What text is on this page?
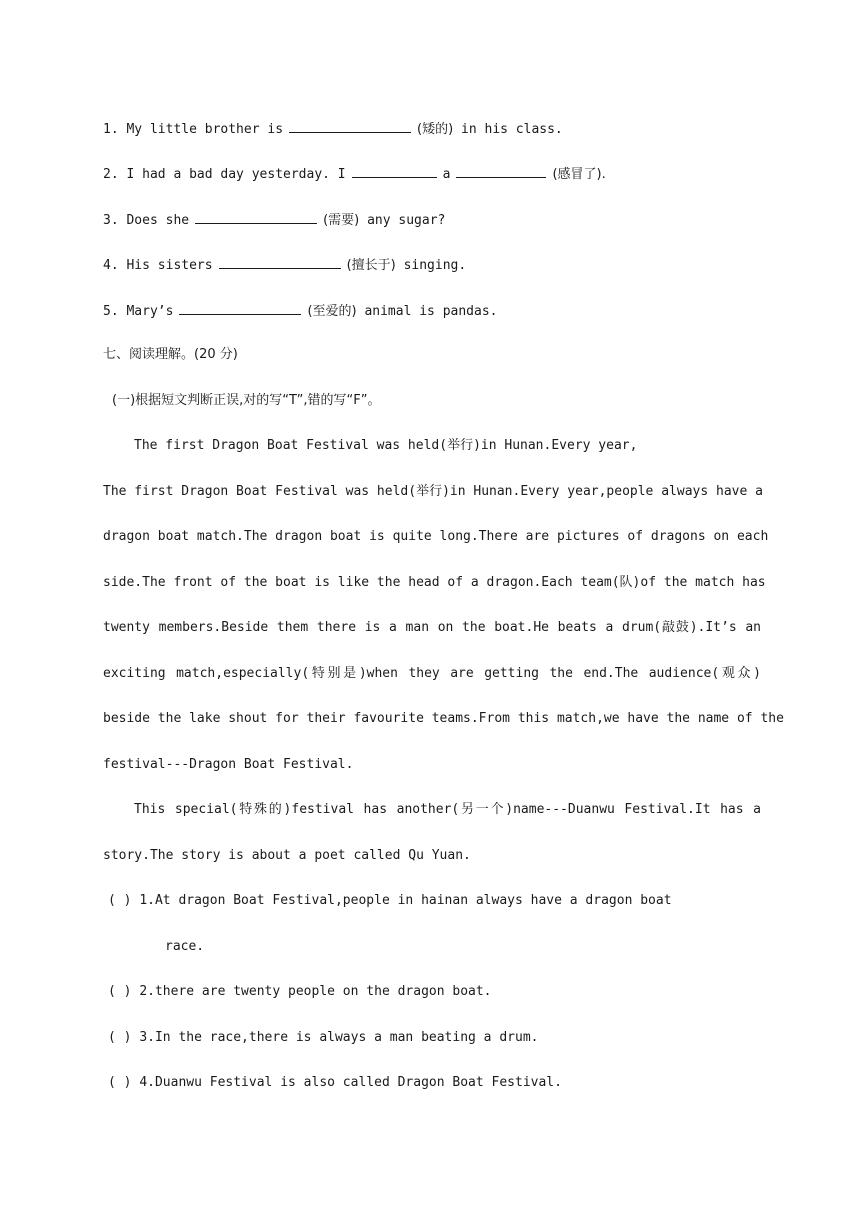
1. My little brother is	(矮的) in his class.
2. I had a bad day yesterday. I	a	(感冒了).
3. Does she	(需要) any sugar?
4. His sisters	(擅长于) singing.
5. Mary’s	(至爱的) animal is pandas.
七、阅读理解。(20 分)
(一)根据短文判断正误,对的写“T”,错的写“F”。
The first Dragon Boat Festival was held(举行)in Hunan.Every year,
The first Dragon Boat Festival was held(举行)in Hunan.Every year,people always have a
dragon boat match.The dragon boat is quite long.There are pictures of dragons on each
side.The front of the boat is like the head of a dragon.Each team(队)of the match has
twenty members.Beside them there is a man on the boat.He beats a drum(敲鼓).It’s an
exciting match,especially(特别是)when they are getting the end.The audience(观众)
beside the lake shout for their favourite teams.From this match,we have the name of the
festival---Dragon Boat Festival.
This special(特殊的)festival has another(另一个)name---Duanwu Festival.It has a
story.The story is about a poet called Qu Yuan.
( ) 1.At dragon Boat Festival,people in hainan always have a dragon boat
race.
( ) 2.there are twenty people on the dragon boat.
( ) 3.In the race,there is always a man beating a drum.
( ) 4.Duanwu Festival is also called Dragon Boat Festival.
